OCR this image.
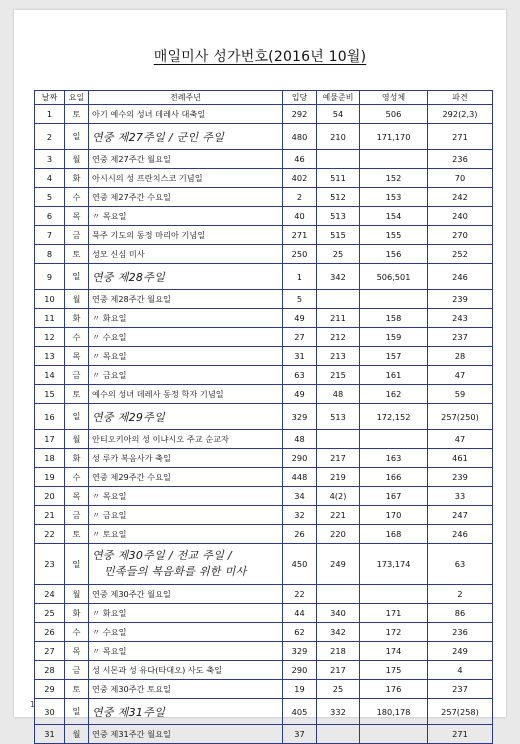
매일미사 성가번호(2016년 10월)
날짜	요일	전례주년	입당	예물준비	영성체	파견
1	토	아기 예수의 성녀 데레사 대축일	292	54	506	292(2,3)
2	일	연중 제27주일 / 군인 주일	480	210	171,170	271
3	월	연중 제27주간 월요일	46			236
4	화	아시시의 성 프란치스코 기념일	402	511	152	70
5	수	연중 제27주간 수요일	2	512	153	242
6	목	〃 목요일	40	513	154	240
7	금	묵주 기도의 동정 마리아 기념일	271	515	155	270
8	토	성모 신심 미사	250	25	156	252
9	일	연중 제28주일	1	342	506,501	246
10	월	연중 제28주간 월요일	5			239
11	화	〃 화요일	49	211	158	243
12	수	〃 수요일	27	212	159	237
13	목	〃 목요일	31	213	157	28
14	금	〃 금요일	63	215	161	47
15	토	예수의 성녀 데레사 동정 학자 기념일	49	48	162	59
16	일	연중 제29주일	329	513	172,152	257(250)
17	월	안티오키아의 성 이냐시오 주교 순교자	48			47
18	화	성 루카 복음사가 축일	290	217	163	461
19	수	연중 제29주간 수요일	448	219	166	239
20	목	〃 목요일	34	4(2)	167	33
21	금	〃 금요일	32	221	170	247
22	토	〃 토요일	26	220	168	246
23	일	연중 제30주일 / 전교 주일 /
민족들의 복음화를 위한 미사	450	249	173,174	63
24	월	연중 제30주간 월요일	22			2
25	화	〃 화요일	44	340	171	86
26	수	〃 수요일	62	342	172	236
27	목	〃 목요일	329	218	174	249
28	금	성 시몬과 성 유다(타대오) 사도 축일	290	217	175	4
29	토	연중 제30주간 토요일	19	25	176	237
30	일	연중 제31주일	405	332	180,178	257(258)
31	월	연중 제31주간 월요일	37			271
1
